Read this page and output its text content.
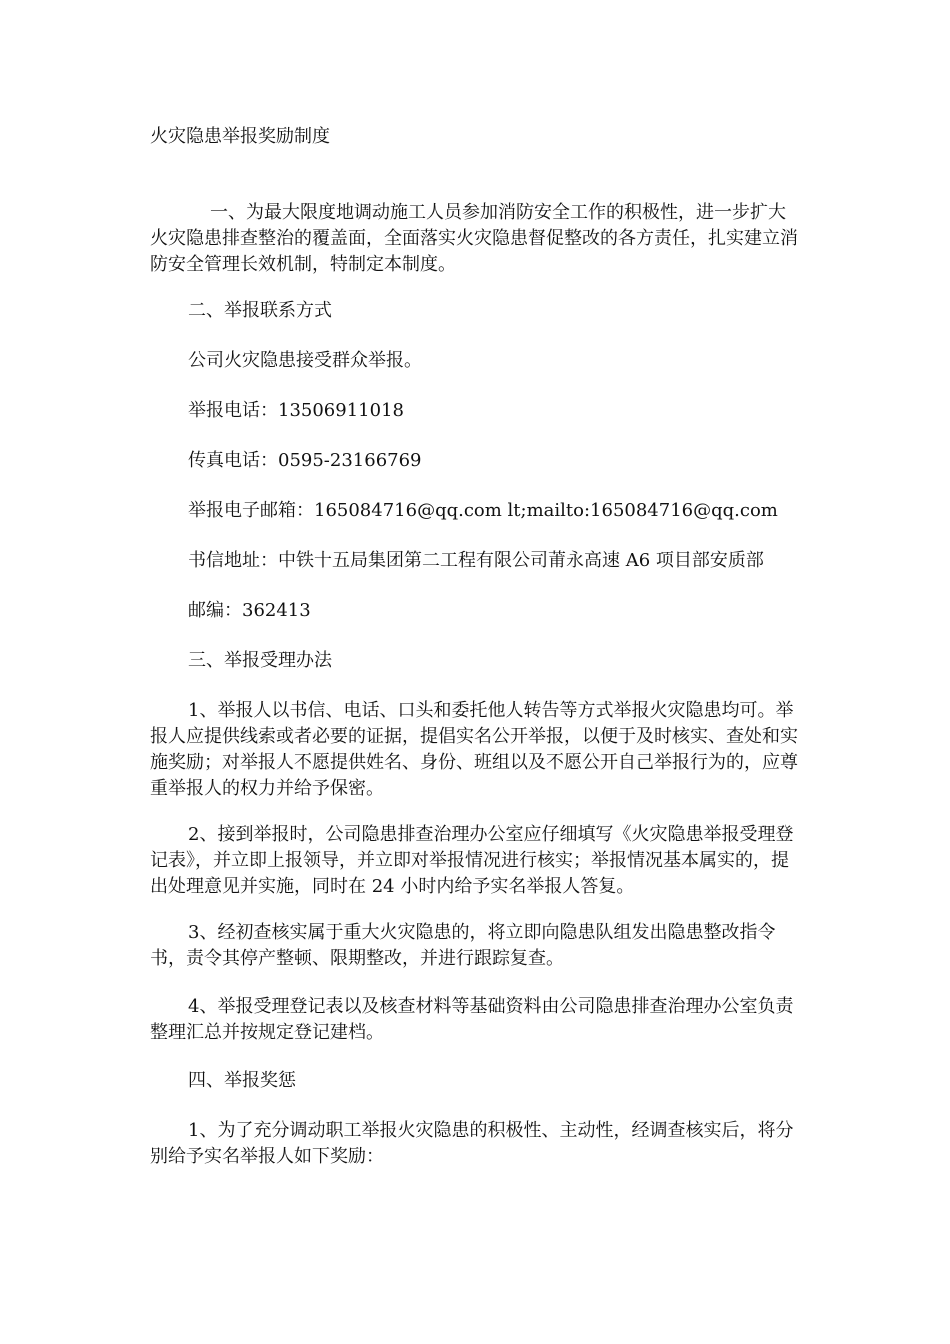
火灾隐患举报奖励制度

一、为最大限度地调动施工人员参加消防安全工作的积极性，进一步扩大火灾隐患排查整治的覆盖面，全面落实火灾隐患督促整改的各方责任，扎实建立消防安全管理长效机制，特制定本制度。

二、举报联系方式
公司火灾隐患接受群众举报。
举报电话：13506911018
传真电话：0595-23166769
举报电子邮箱：165084716@qq.com lt;mailto:165084716@qq.com
书信地址：中铁十五局集团第二工程有限公司莆永高速 A6 项目部安质部
邮编：362413
三、举报受理办法

1、举报人以书信、电话、口头和委托他人转告等方式举报火灾隐患均可。举报人应提供线索或者必要的证据，提倡实名公开举报，以便于及时核实、查处和实施奖励；对举报人不愿提供姓名、身份、班组以及不愿公开自己举报行为的，应尊重举报人的权力并给予保密。

2、接到举报时，公司隐患排查治理办公室应仔细填写《火灾隐患举报受理登记表》，并立即上报领导，并立即对举报情况进行核实；举报情况基本属实的，提出处理意见并实施，同时在 24 小时内给予实名举报人答复。

3、经初查核实属于重大火灾隐患的，将立即向隐患队组发出隐患整改指令书，责令其停产整顿、限期整改，并进行跟踪复查。

4、举报受理登记表以及核查材料等基础资料由公司隐患排查治理办公室负责整理汇总并按规定登记建档。

四、举报奖惩

1、为了充分调动职工举报火灾隐患的积极性、主动性，经调查核实后，将分别给予实名举报人如下奖励：
